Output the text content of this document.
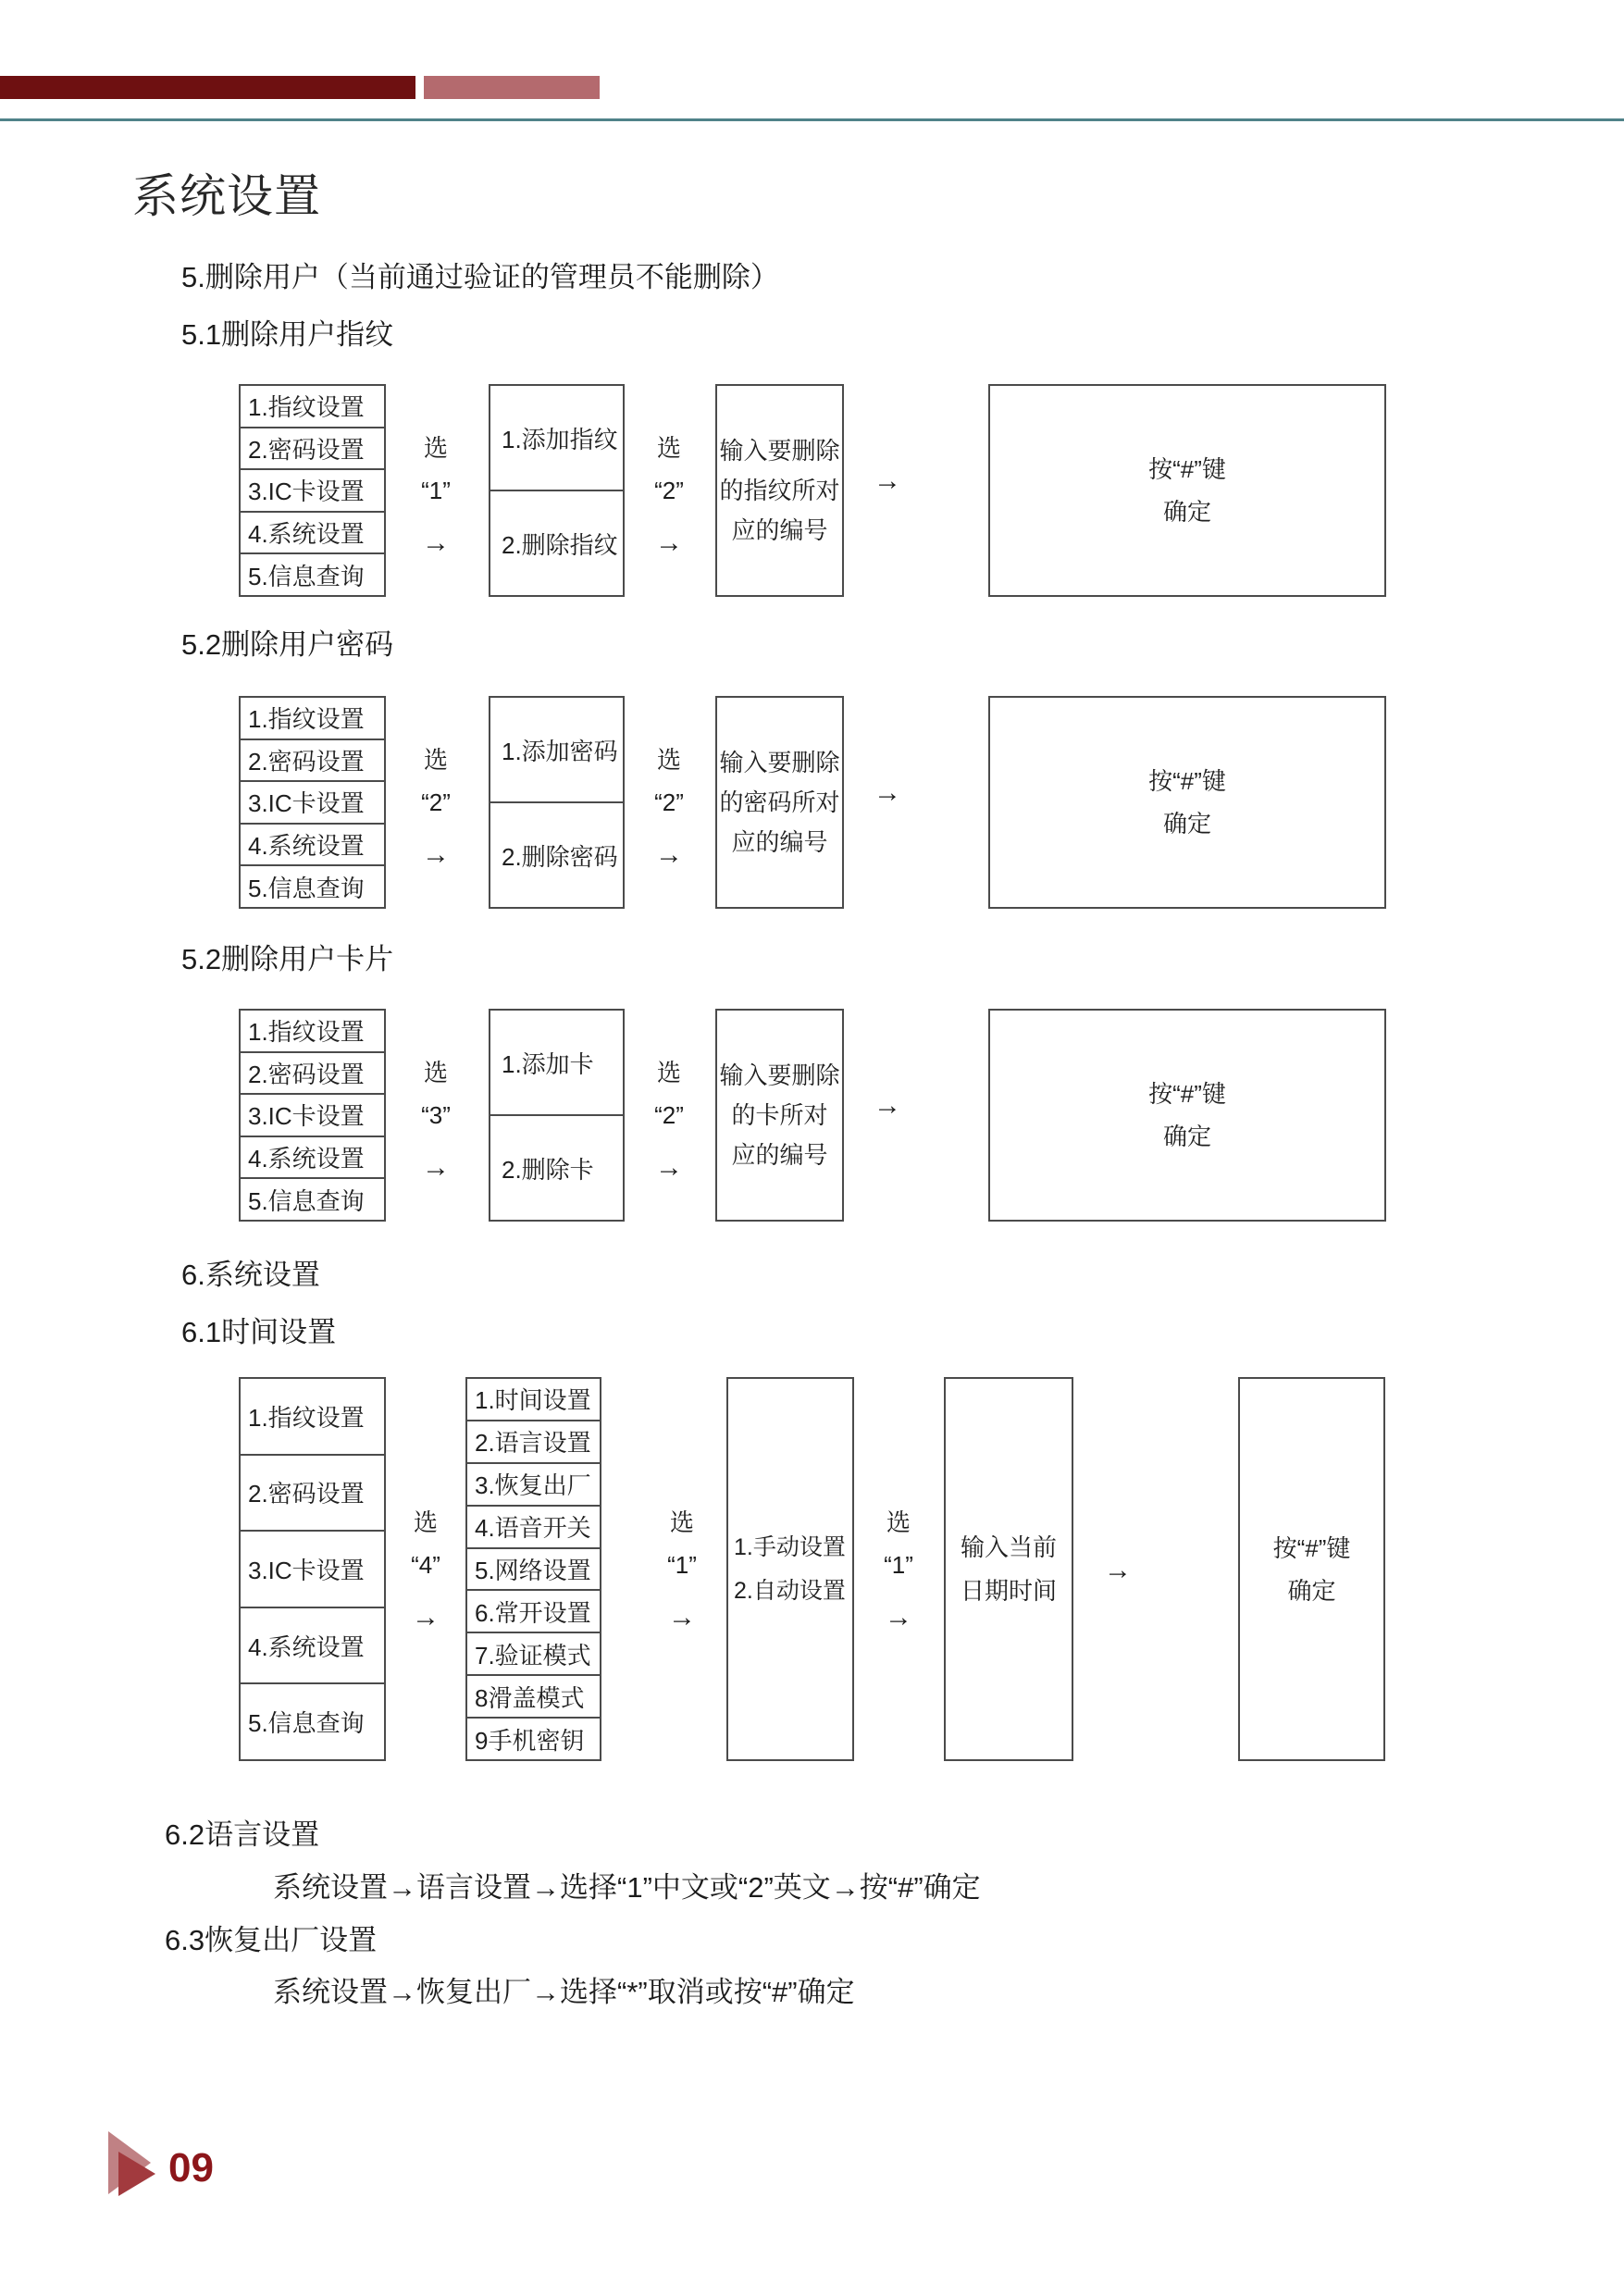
系统设置
5.删除用户（当前通过验证的管理员不能删除）
5.1删除用户指纹
1.指纹设置
2.密码设置
3.IC卡设置
4.系统设置
5.信息查询
选
“1”
→
1.添加指纹
2.删除指纹
选
“2”
→
输入要删除
的指纹所对
应的编号
→	按“#”键
确定
5.2删除用户密码
1.指纹设置
2.密码设置
3.IC卡设置
4.系统设置
5.信息查询
选
“2”
→
1.添加密码
2.删除密码
选
“2”
→
输入要删除
的密码所对
应的编号
→	按“#”键
确定
5.2删除用户卡片
1.指纹设置
2.密码设置
3.IC卡设置
4.系统设置
5.信息查询
选
“3”
→
1.添加卡
2.删除卡
选
“2”
→
输入要删除
的卡所对
应的编号
→	按“#”键
确定
6.系统设置
6.1时间设置
1.指纹设置
2.密码设置
3.IC卡设置
4.系统设置
5.信息查询
选
“4”
→
1.时间设置
2.语言设置
3.恢复出厂
4.语音开关
5.网络设置
6.常开设置
7.验证模式
8滑盖模式
9手机密钥
选
“1”
→
1.手动设置
2.自动设置
选
“1”
→
输入当前
日期时间
→
按“#”键
确定
6.2语言设置
系统设置→语言设置→选择“1”中文或“2”英文→按“#”确定
6.3恢复出厂设置
系统设置→恢复出厂→选择“*”取消或按“#”确定
09
